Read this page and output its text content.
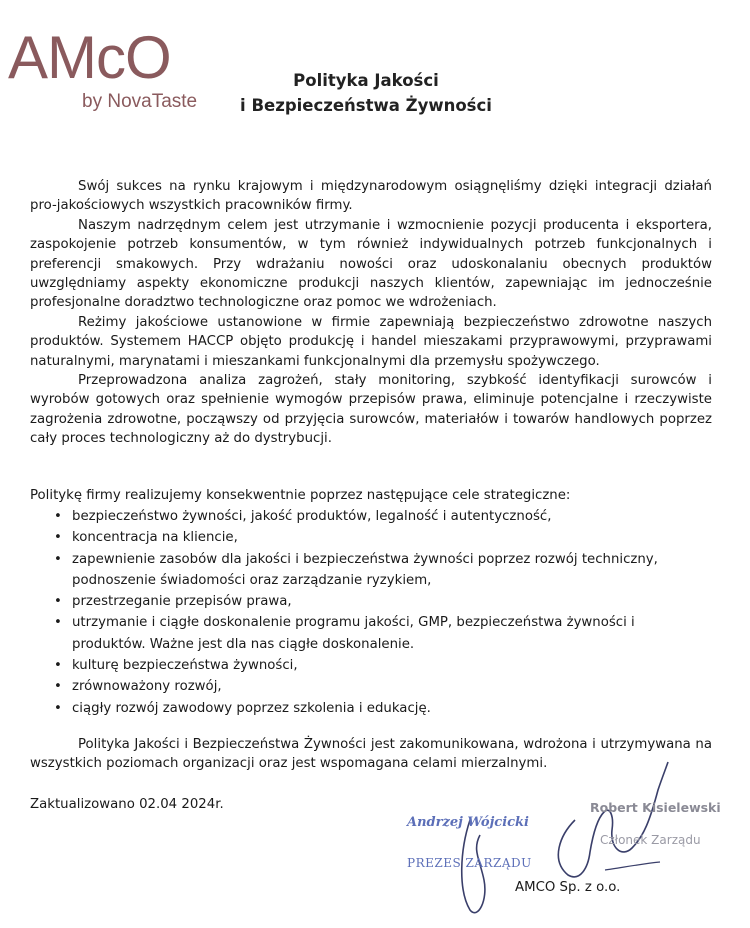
AMcO
by NovaTaste
Polityka Jakości
i Bezpieczeństwa Żywności

Swój sukces na rynku krajowym i międzynarodowym osiągnęliśmy dzięki integracji działań pro-jakościowych wszystkich pracowników firmy.

Naszym nadrzędnym celem jest utrzymanie i wzmocnienie pozycji producenta i eksportera, zaspokojenie potrzeb konsumentów, w tym również indywidualnych potrzeb funkcjonalnych i preferencji smakowych. Przy wdrażaniu nowości oraz udoskonalaniu obecnych produktów uwzględniamy aspekty ekonomiczne produkcji naszych klientów, zapewniając im jednocześnie profesjonalne doradztwo technologiczne oraz pomoc we wdrożeniach.

Reżimy jakościowe ustanowione w firmie zapewniają bezpieczeństwo zdrowotne naszych produktów. Systemem HACCP objęto produkcję i handel mieszakami przyprawowymi, przyprawami naturalnymi, marynatami i mieszankami funkcjonalnymi dla przemysłu spożywczego.

Przeprowadzona analiza zagrożeń, stały monitoring, szybkość identyfikacji surowców i wyrobów gotowych oraz spełnienie wymogów przepisów prawa, eliminuje potencjalne i rzeczywiste zagrożenia zdrowotne, począwszy od przyjęcia surowców, materiałów i towarów handlowych poprzez cały proces technologiczny aż do dystrybucji.

Politykę firmy realizujemy konsekwentnie poprzez następujące cele strategiczne:
• bezpieczeństwo żywności, jakość produktów, legalność i autentyczność,
• koncentracja na kliencie,
• zapewnienie zasobów dla jakości i bezpieczeństwa żywności poprzez rozwój techniczny, podnoszenie świadomości oraz zarządzanie ryzykiem,
• przestrzeganie przepisów prawa,
• utrzymanie i ciągłe doskonalenie programu jakości, GMP, bezpieczeństwa żywności i produktów. Ważne jest dla nas ciągłe doskonalenie.
• kulturę bezpieczeństwa żywności,
• zrównoważony rozwój,
• ciągły rozwój zawodowy poprzez szkolenia i edukację.
Polityka Jakości i Bezpieczeństwa Żywności jest zakomunikowana, wdrożona i utrzymywana na wszystkich poziomach organizacji oraz jest wspomagana celami mierzalnymi.
Zaktualizowano 02.04 2024r.	Robert Kisielewski
Członek Zarządu
Andrzej Wójcicki
PREZES ZARZĄDU
AMCO Sp. z o.o.
